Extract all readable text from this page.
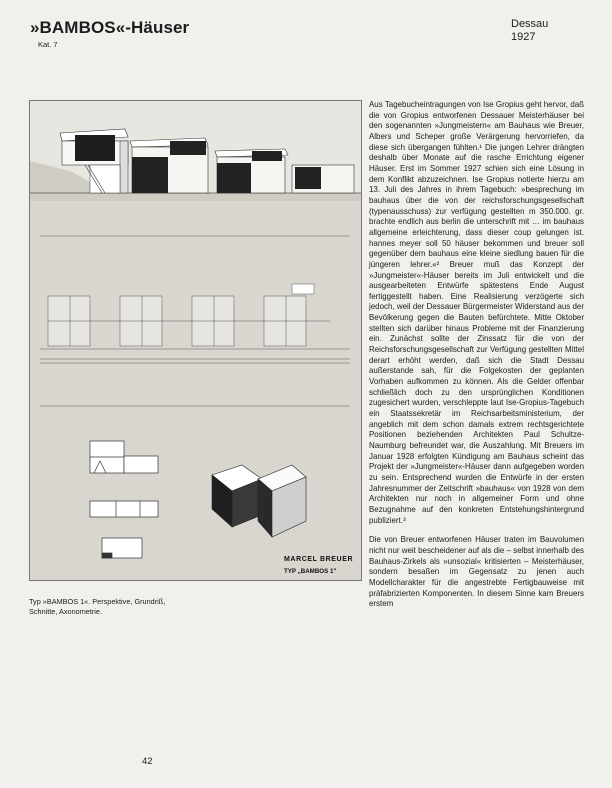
»BAMBOS«-Häuser
Kat. 7
Dessau
1927
MARCEL BREUER
TYP „BAMBOS 1"
Typ »BAMBOS 1«. Perspektive, Grundriß, Schnitte, Axonometrie.

Aus Tagebucheintragungen von Ise Gropius geht hervor, daß die von Gropius entworfenen Dessauer Meisterhäuser bei den sogenannten »Jungmeistern« am Bauhaus wie Breuer, Albers und Scheper große Verärgerung hervorriefen, da diese sich übergangen fühlten.¹ Die jungen Lehrer drängten deshalb über Monate auf die rasche Errichtung eigener Häuser. Erst im Sommer 1927 schien sich eine Lösung in dem Konflikt abzuzeichnen. Ise Gropius notierte hierzu am 13. Juli des Jahres in ihrem Tagebuch: »besprechung im bauhaus über die von der reichsforschungsgesellschaft (typenausschuss) zur verfügung gestellten m 350.000. gr. brachte endlich aus berlin die unterschrift mit … im bauhaus allgemeine erleichterung, dass dieser coup gelungen ist. hannes meyer soll 50 häuser bekommen und breuer soll gegenüber dem bauhaus eine kleine siedlung bauen für die jüngeren lehrer.«² Breuer muß das Konzept der »Jungmeister«-Häuser bereits im Juli entwickelt und die ausgearbeiteten Entwürfe spätestens Ende August fertiggestellt haben. Eine Realisierung verzögerte sich jedoch, weil der Dessauer Bürgermeister Widerstand aus der Bevölkerung gegen die Bauten befürchtete. Mitte Oktober stellten sich darüber hinaus Probleme mit der Finanzierung ein. Zunächst sollte der Zinssatz für die von der Reichsforschungsgesellschaft zur Verfügung gestellten Mittel derart erhöht werden, daß sich die Stadt Dessau außerstande sah, für die Folgekosten der geplanten Vorhaben aufkommen zu können. Als die Gelder offenbar schließlich doch zu den ursprünglichen Konditionen zugesichert wurden, verschleppte laut Ise-Gropius-Tagebuch ein Staatssekretär im Reichsarbeitsministerium, der angeblich mit dem schon damals extrem rechtsgerichtete Positionen beziehenden Architekten Paul Schultze-Naumburg befreundet war, die Auszahlung. Mit Breuers im Januar 1928 erfolgten Kündigung am Bauhaus scheint das Projekt der »Jungmeister«-Häuser dann aufgegeben worden zu sein. Entsprechend wurden die Entwürfe in der ersten Jahresnummer der Zeitschrift »bauhaus« von 1928 von dem Architekten nur noch in allgemeiner Form und ohne Bezugnahme auf den konkreten Entstehungshintergrund publiziert.³

Die von Breuer entworfenen Häuser traten im Bauvolumen nicht nur weit bescheidener auf als die – selbst innerhalb des Bauhaus-Zirkels als »unsozial« kritisierten – Meisterhäuser, sondern besaßen im Gegensatz zu jenen auch Modellcharakter für die angestrebte Fertigbauweise mit präfabrizierten Komponenten. In diesem Sinne kam Breuers erstem

42
